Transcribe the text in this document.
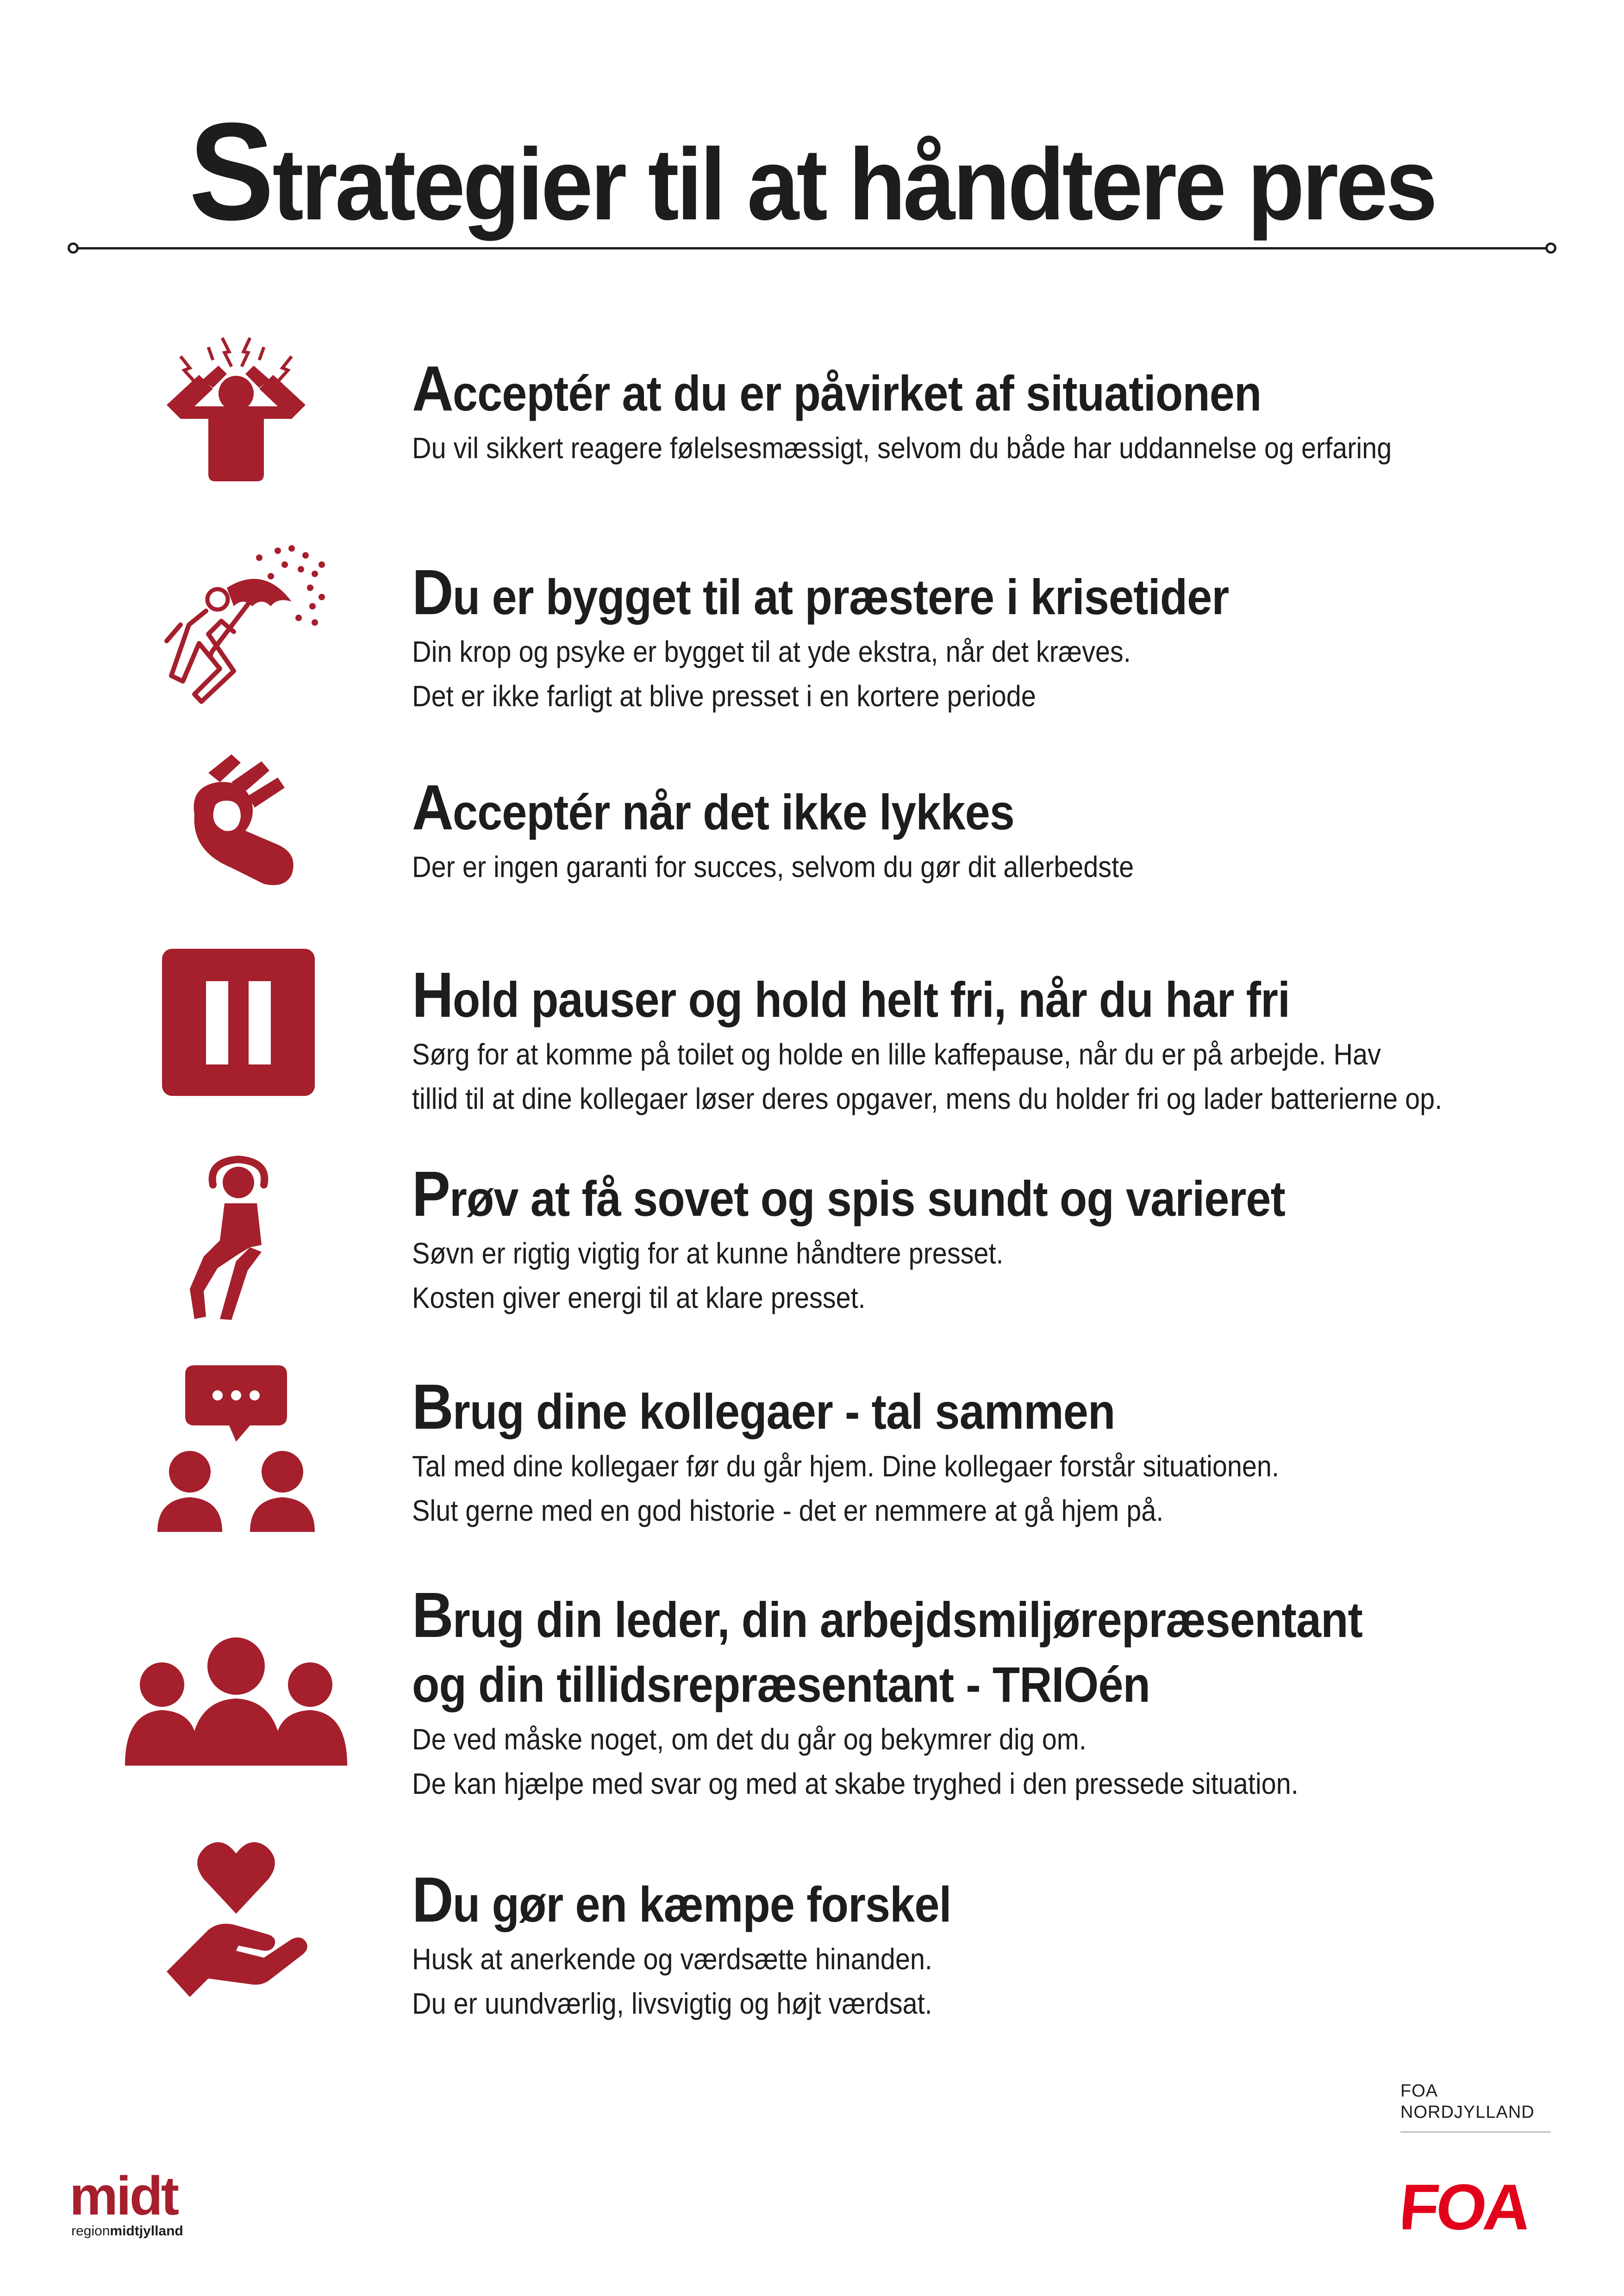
Strategier til at håndtere pres
Acceptér at du er påvirket af situationen
Du vil sikkert reagere følelsesmæssigt, selvom du både har uddannelse og erfaring
Du er bygget til at præstere i krisetider
Din krop og psyke er bygget til at yde ekstra, når det kræves.
Det er ikke farligt at blive presset i en kortere periode
Acceptér når det ikke lykkes
Der er ingen garanti for succes, selvom du gør dit allerbedste
Hold pauser og hold helt fri, når du har fri
Sørg for at komme på toilet og holde en lille kaffepause, når du er på arbejde. Hav
tillid til at dine kollegaer løser deres opgaver, mens du holder fri og lader batterierne op.
Prøv at få sovet og spis sundt og varieret
Søvn er rigtig vigtig for at kunne håndtere presset.
Kosten giver energi til at klare presset.
Brug dine kollegaer - tal sammen
Tal med dine kollegaer før du går hjem. Dine kollegaer forstår situationen.
Slut gerne med en god historie - det er nemmere at gå hjem på.
Brug din leder, din arbejdsmiljørepræsentant
og din tillidsrepræsentant - TRIOén
De ved måske noget, om det du går og bekymrer dig om.
De kan hjælpe med svar og med at skabe tryghed i den pressede situation.
Du gør en kæmpe forskel
Husk at anerkende og værdsætte hinanden.
Du er uundværlig, livsvigtig og højt værdsat.
midt
regionmidtjylland
FOA
NORDJYLLAND
FOA
